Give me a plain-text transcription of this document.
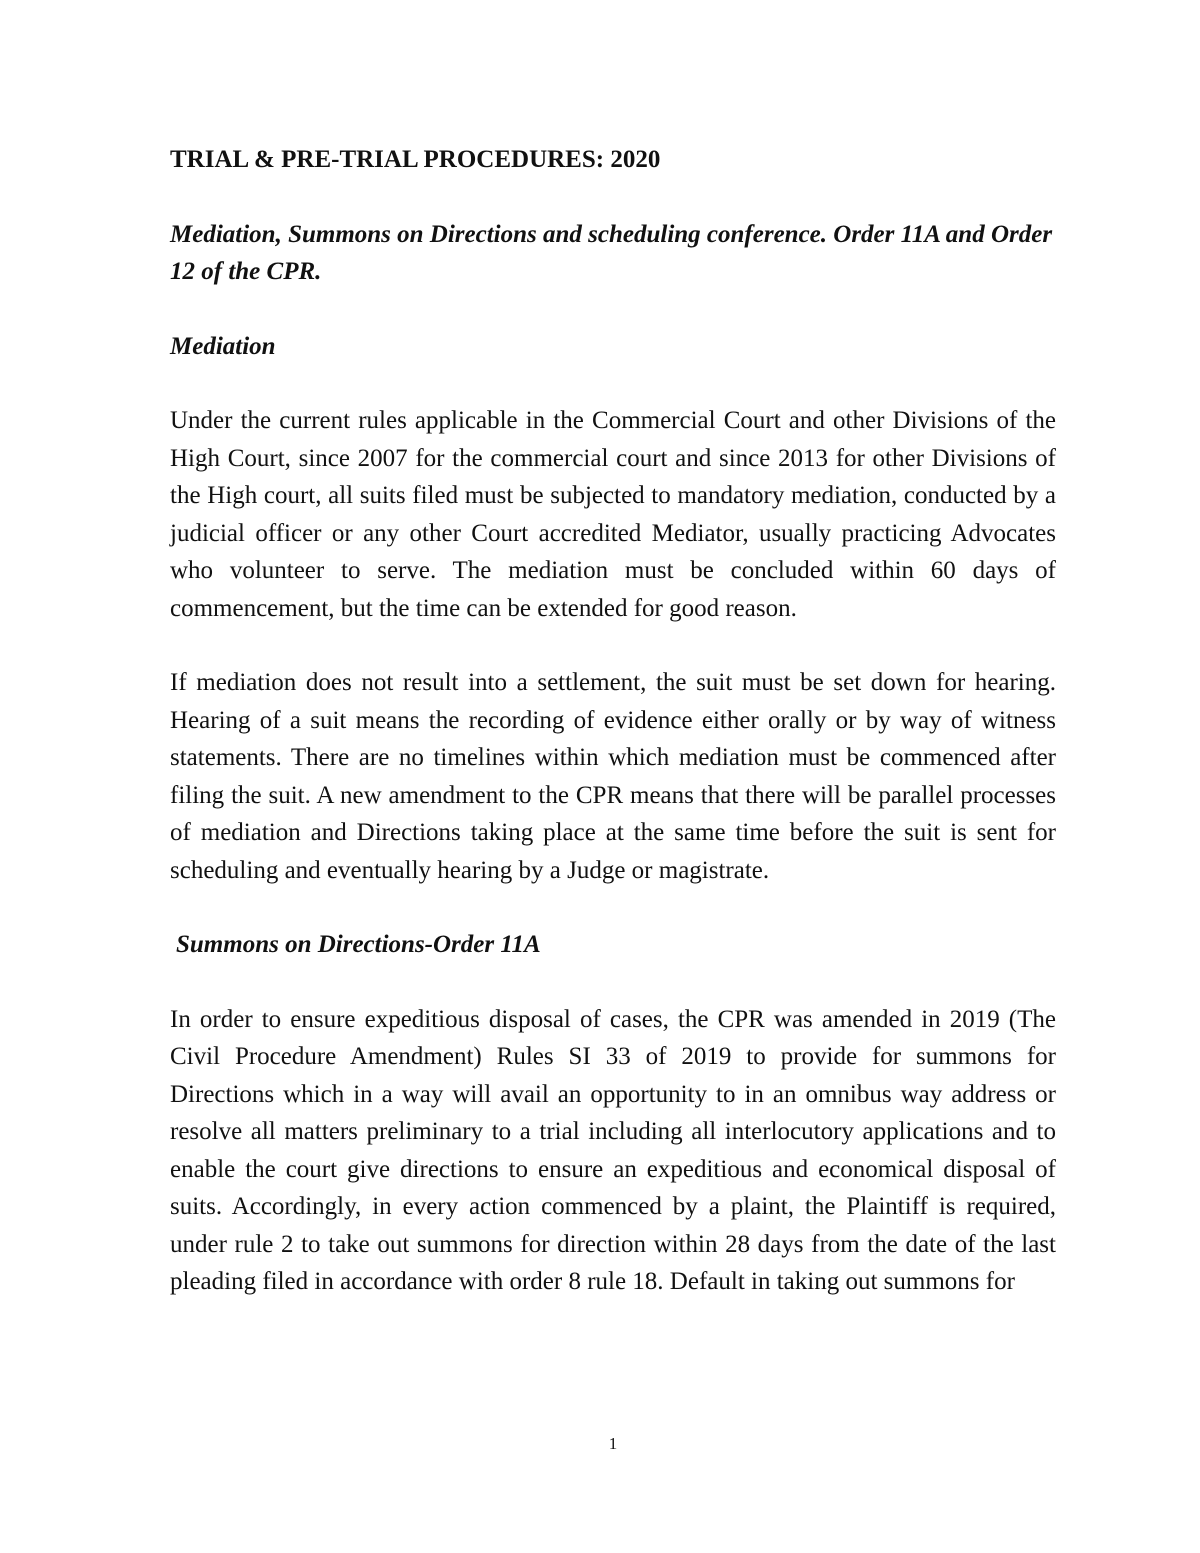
TRIAL & PRE-TRIAL PROCEDURES: 2020
Mediation, Summons on Directions and scheduling conference. Order 11A and Order 12 of the CPR.
Mediation

Under the current rules applicable in the Commercial Court and other Divisions of the High Court, since 2007 for the commercial court and since 2013 for other Divisions of the High court, all suits filed must be subjected to mandatory mediation, conducted by a judicial officer or any other Court accredited Mediator, usually practicing Advocates who volunteer to serve. The mediation must be concluded within 60 days of commencement, but the time can be extended for good reason.

If mediation does not result into a settlement, the suit must be set down for hearing. Hearing of a suit means the recording of evidence either orally or by way of witness statements. There are no timelines within which mediation must be commenced after filing the suit. A new amendment to the CPR means that there will be parallel processes of mediation and Directions taking place at the same time before the suit is sent for scheduling and eventually hearing by a Judge or magistrate.

Summons on Directions-Order 11A

In order to ensure expeditious disposal of cases, the CPR was amended in 2019 (The Civil Procedure Amendment) Rules SI 33 of 2019 to provide for summons for Directions which in a way will avail an opportunity to in an omnibus way address or resolve all matters preliminary to a trial including all interlocutory applications and to enable the court give directions to ensure an expeditious and economical disposal of suits. Accordingly, in every action commenced by a plaint, the Plaintiff is required, under rule 2 to take out summons for direction within 28 days from the date of the last pleading filed in accordance with order 8 rule 18. Default in taking out summons for

1
